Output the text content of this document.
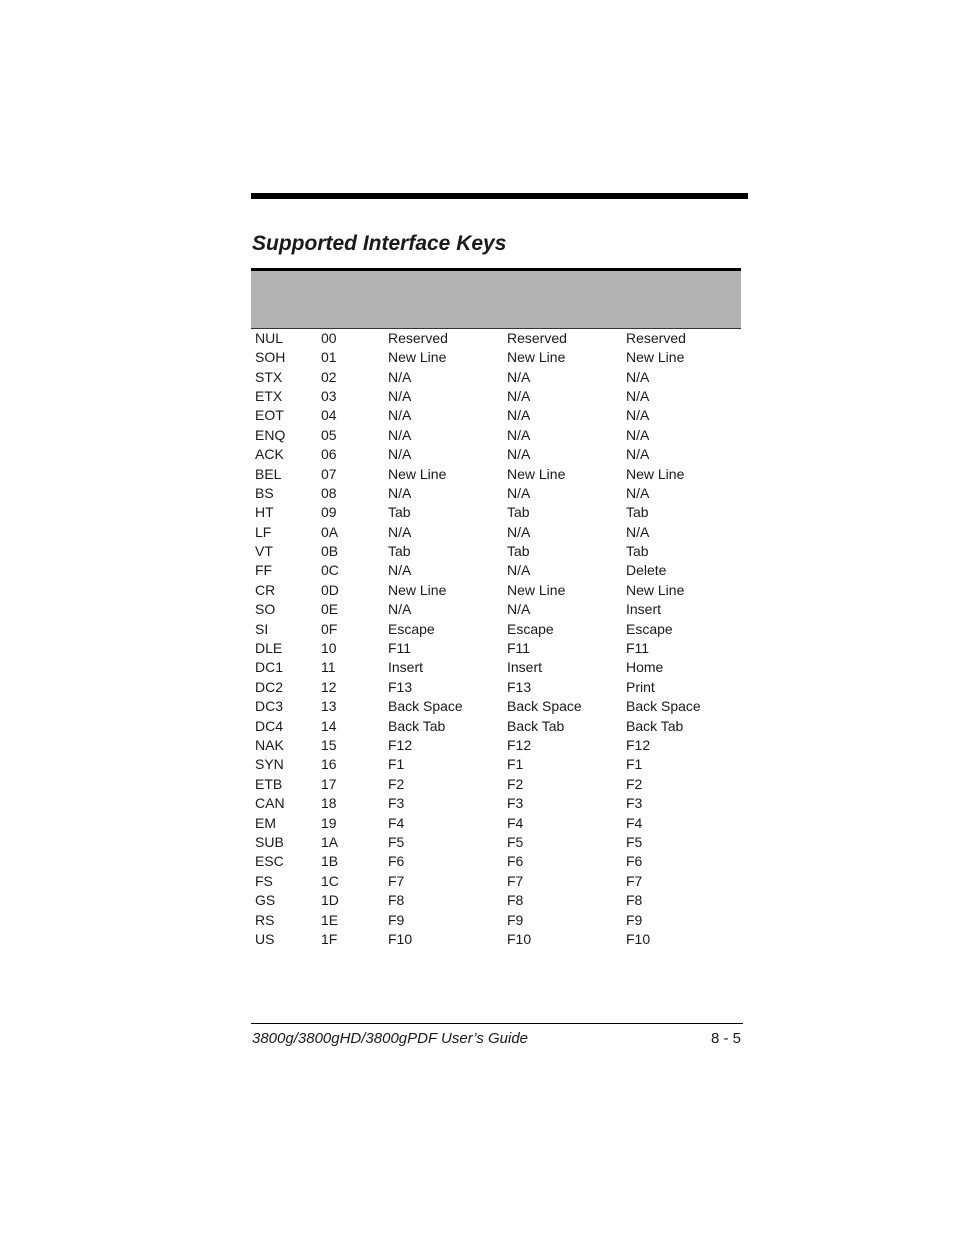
Supported Interface Keys

NUL	00	Reserved	Reserved	Reserved
SOH	01	New Line	New Line	New Line
STX	02	N/A	N/A	N/A
ETX	03	N/A	N/A	N/A
EOT	04	N/A	N/A	N/A
ENQ	05	N/A	N/A	N/A
ACK	06	N/A	N/A	N/A
BEL	07	New Line	New Line	New Line
BS	08	N/A	N/A	N/A
HT	09	Tab	Tab	Tab
LF	0A	N/A	N/A	N/A
VT	0B	Tab	Tab	Tab
FF	0C	N/A	N/A	Delete
CR	0D	New Line	New Line	New Line
SO	0E	N/A	N/A	Insert
SI	0F	Escape	Escape	Escape
DLE	10	F11	F11	F11
DC1	11	Insert	Insert	Home
DC2	12	F13	F13	Print
DC3	13	Back Space	Back Space	Back Space
DC4	14	Back Tab	Back Tab	Back Tab
NAK	15	F12	F12	F12
SYN	16	F1	F1	F1
ETB	17	F2	F2	F2
CAN	18	F3	F3	F3
EM	19	F4	F4	F4
SUB	1A	F5	F5	F5
ESC	1B	F6	F6	F6
FS	1C	F7	F7	F7
GS	1D	F8	F8	F8
RS	1E	F9	F9	F9
US	1F	F10	F10	F10
3800g/3800gHD/3800gPDF User’s Guide	8 - 5
